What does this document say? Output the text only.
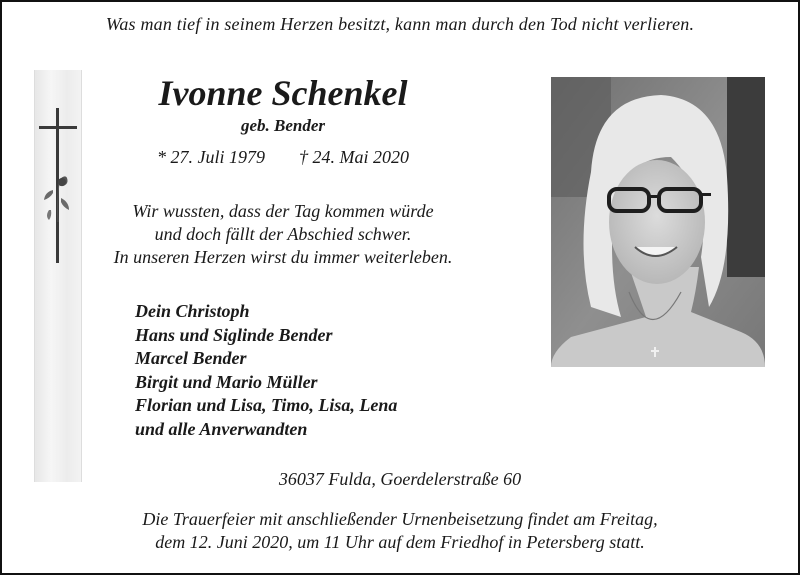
Was man tief in seinem Herzen besitzt, kann man durch den Tod nicht verlieren.
Ivonne Schenkel
geb. Bender
* 27. Juli 1979 † 24. Mai 2020
Wir wussten, dass der Tag kommen würde
und doch fällt der Abschied schwer.
In unseren Herzen wirst du immer weiterleben.
Dein Christoph
Hans und Siglinde Bender
Marcel Bender
Birgit und Mario Müller
Florian und Lisa, Timo, Lisa, Lena
und alle Anverwandten
36037 Fulda, Goerdelerstraße 60
Die Trauerfeier mit anschließender Urnenbeisetzung findet am Freitag,
dem 12. Juni 2020, um 11 Uhr auf dem Friedhof in Petersberg statt.
